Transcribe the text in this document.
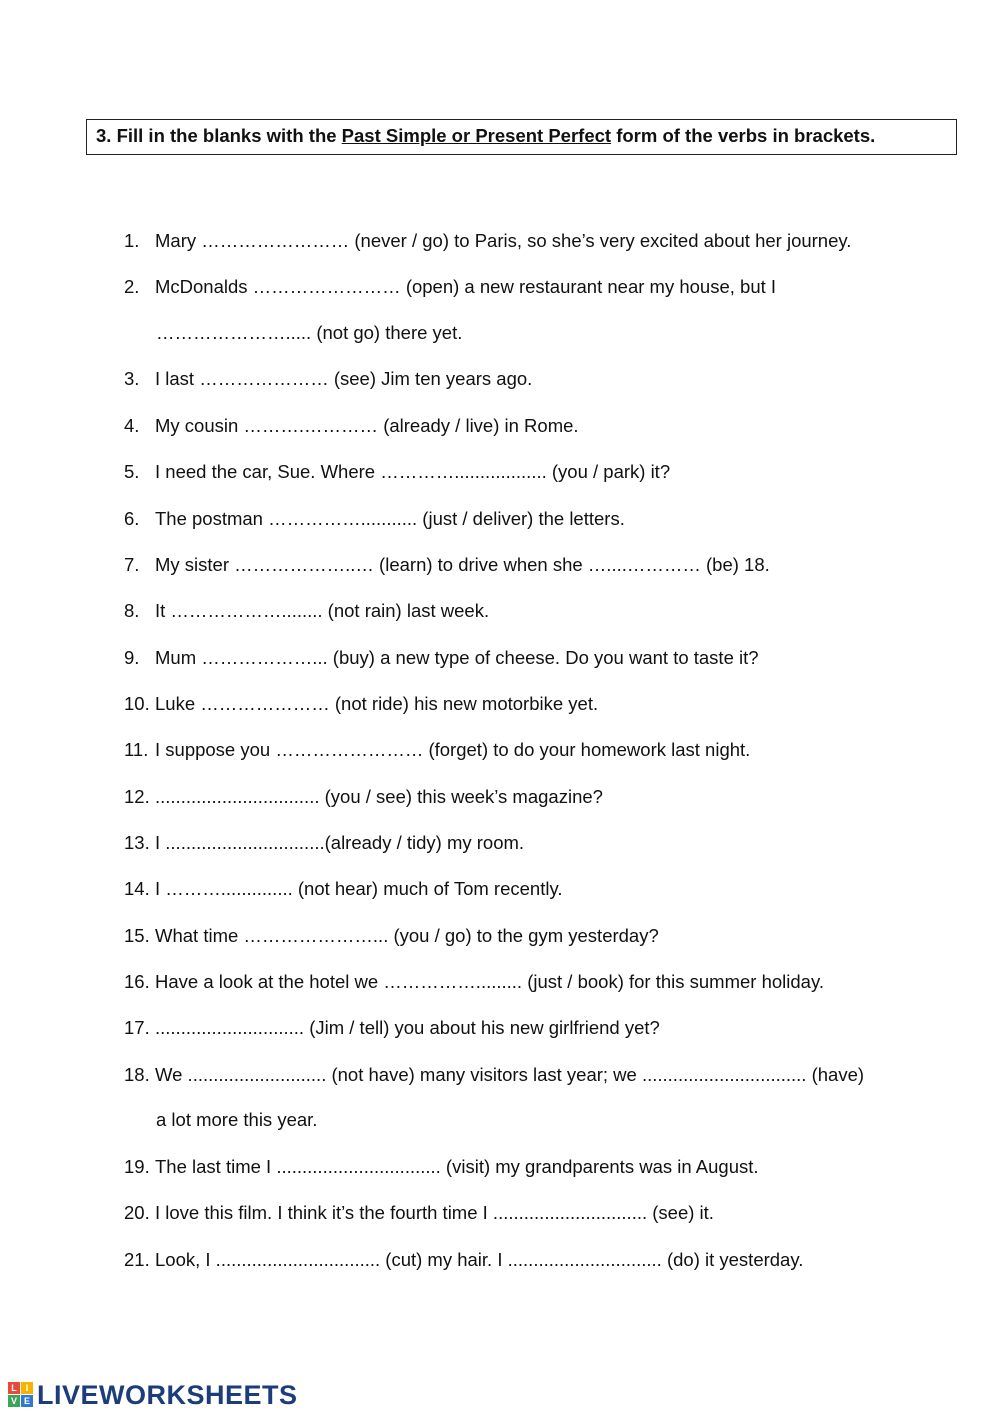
3. Fill in the blanks with the Past Simple or Present Perfect form of the verbs in brackets.
1. Mary …………………… (never / go) to Paris, so she’s very excited about her journey.
2. McDonalds …………………… (open) a new restaurant near my house, but I
…………………..... (not go) there yet.
3. I last ………………… (see) Jim ten years ago.
4. My cousin ……….………… (already / live) in Rome.
5. I need the car, Sue. Where ………….................. (you / park) it?
6. The postman ……………........... (just / deliver) the letters.
7. My sister ………………..… (learn) to drive when she …....………… (be) 18.
8. It ………………........ (not rain) last week.
9. Mum ………………... (buy) a new type of cheese. Do you want to taste it?
10. Luke ………………… (not ride) his new motorbike yet.
11. I suppose you …………………… (forget) to do your homework last night.
12. ................................ (you / see) this week’s magazine?
13. I ...............................(already / tidy) my room.
14. I ……….............. (not hear) much of Tom recently.
15. What time …………………... (you / go) to the gym yesterday?
16. Have a look at the hotel we ……………......... (just / book) for this summer holiday.
17. ............................. (Jim / tell) you about his new girlfriend yet?
18. We ........................... (not have) many visitors last year; we ................................ (have)
a lot more this year.
19. The last time I ................................ (visit) my grandparents was in August.
20. I love this film. I think it’s the fourth time I .............................. (see) it.
21. Look, I ................................ (cut) my hair. I .............................. (do) it yesterday.
L I
V E LIVEWORKSHEETS
